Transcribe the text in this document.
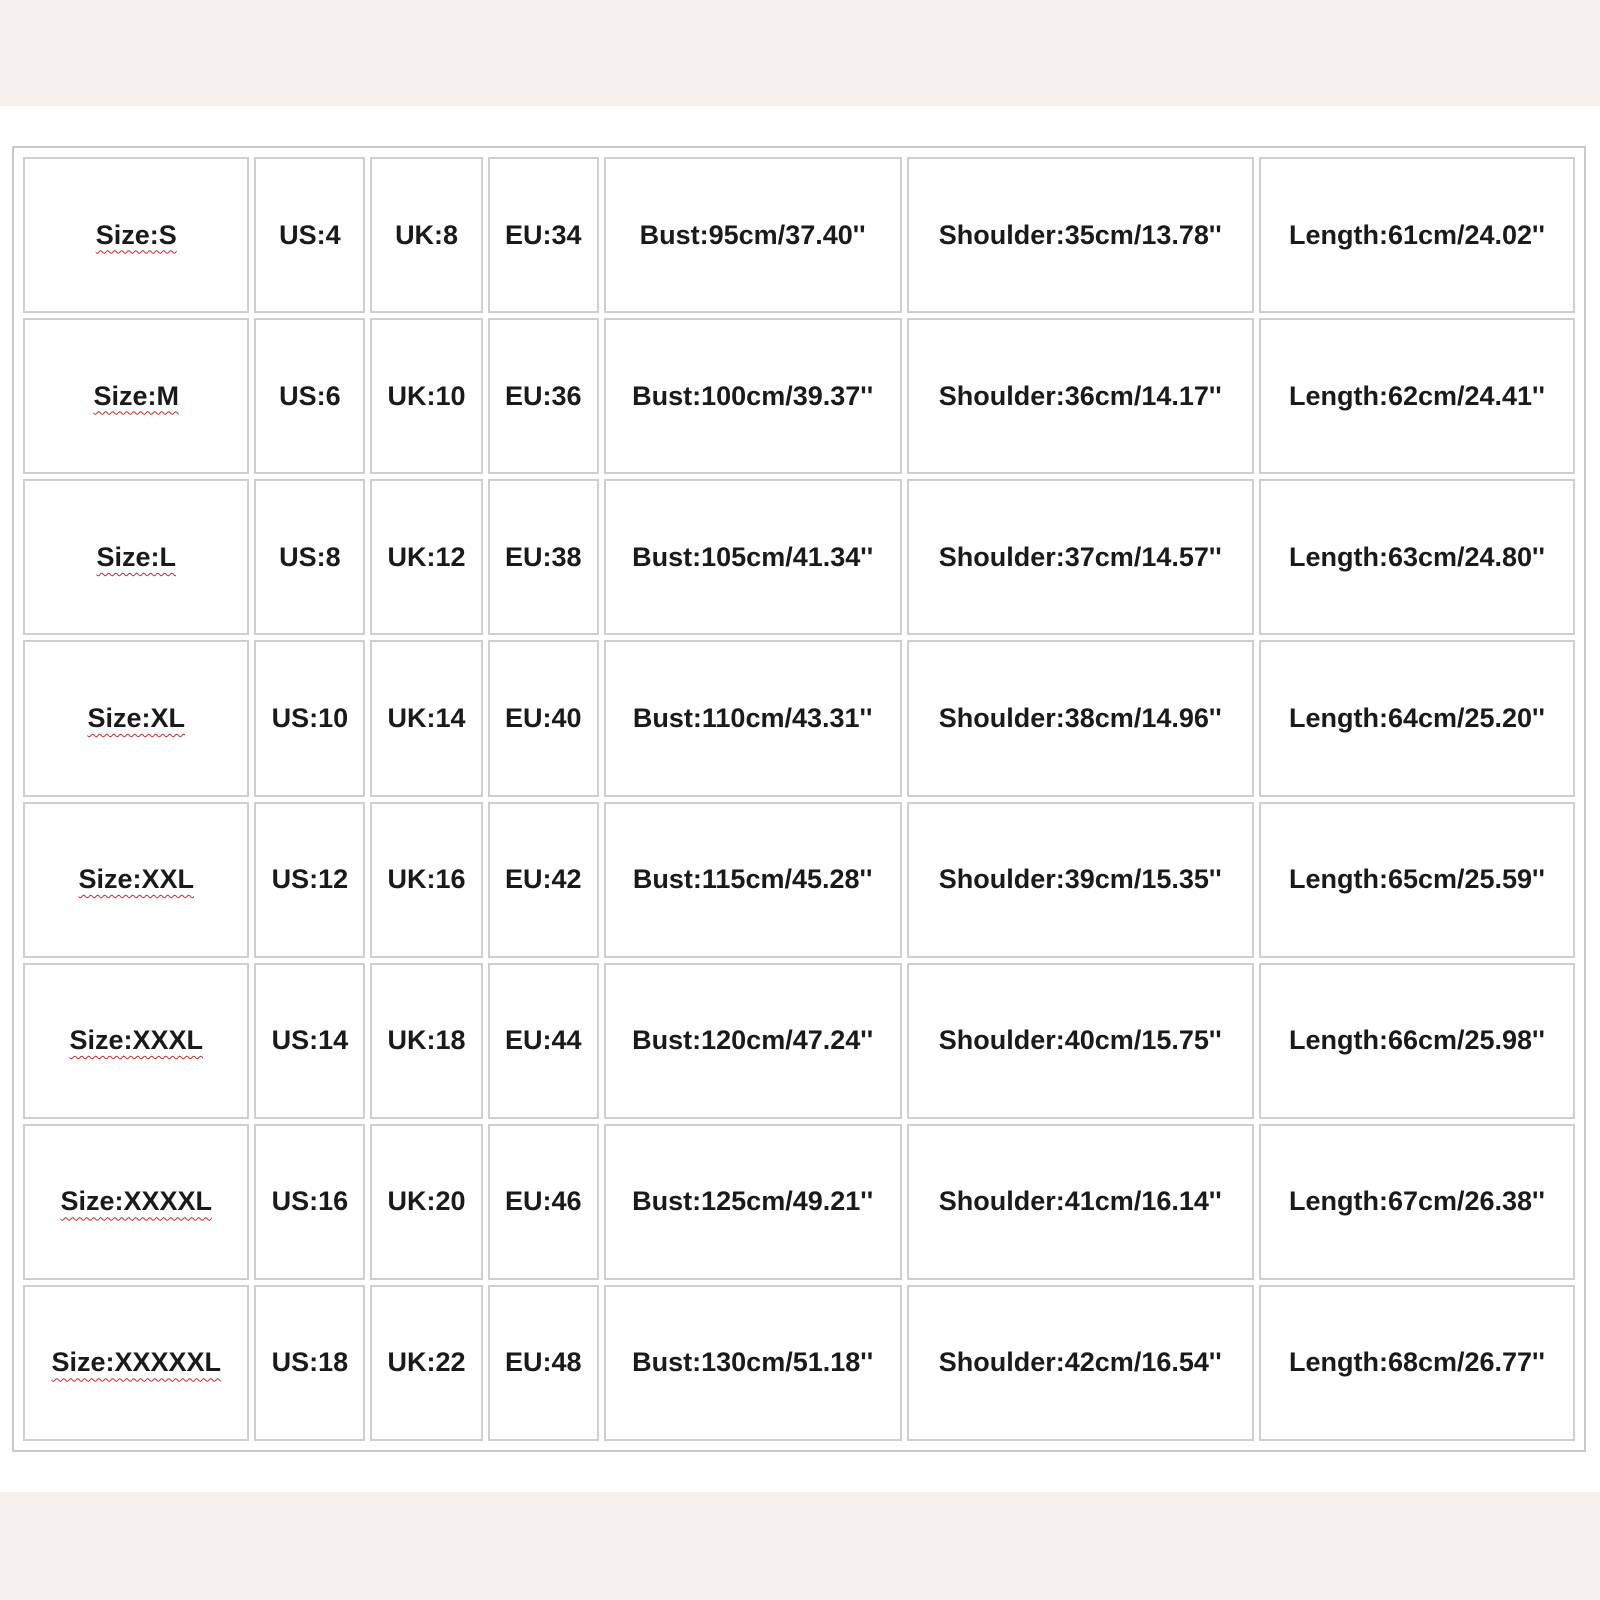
Size:S	US:4	UK:8	EU:34	Bust:95cm/37.40''	Shoulder:35cm/13.78''	Length:61cm/24.02''
Size:M	US:6	UK:10	EU:36	Bust:100cm/39.37''	Shoulder:36cm/14.17''	Length:62cm/24.41''
Size:L	US:8	UK:12	EU:38	Bust:105cm/41.34''	Shoulder:37cm/14.57''	Length:63cm/24.80''
Size:XL	US:10	UK:14	EU:40	Bust:110cm/43.31''	Shoulder:38cm/14.96''	Length:64cm/25.20''
Size:XXL	US:12	UK:16	EU:42	Bust:115cm/45.28''	Shoulder:39cm/15.35''	Length:65cm/25.59''
Size:XXXL	US:14	UK:18	EU:44	Bust:120cm/47.24''	Shoulder:40cm/15.75''	Length:66cm/25.98''
Size:XXXXL	US:16	UK:20	EU:46	Bust:125cm/49.21''	Shoulder:41cm/16.14''	Length:67cm/26.38''
Size:XXXXXL	US:18	UK:22	EU:48	Bust:130cm/51.18''	Shoulder:42cm/16.54''	Length:68cm/26.77''
